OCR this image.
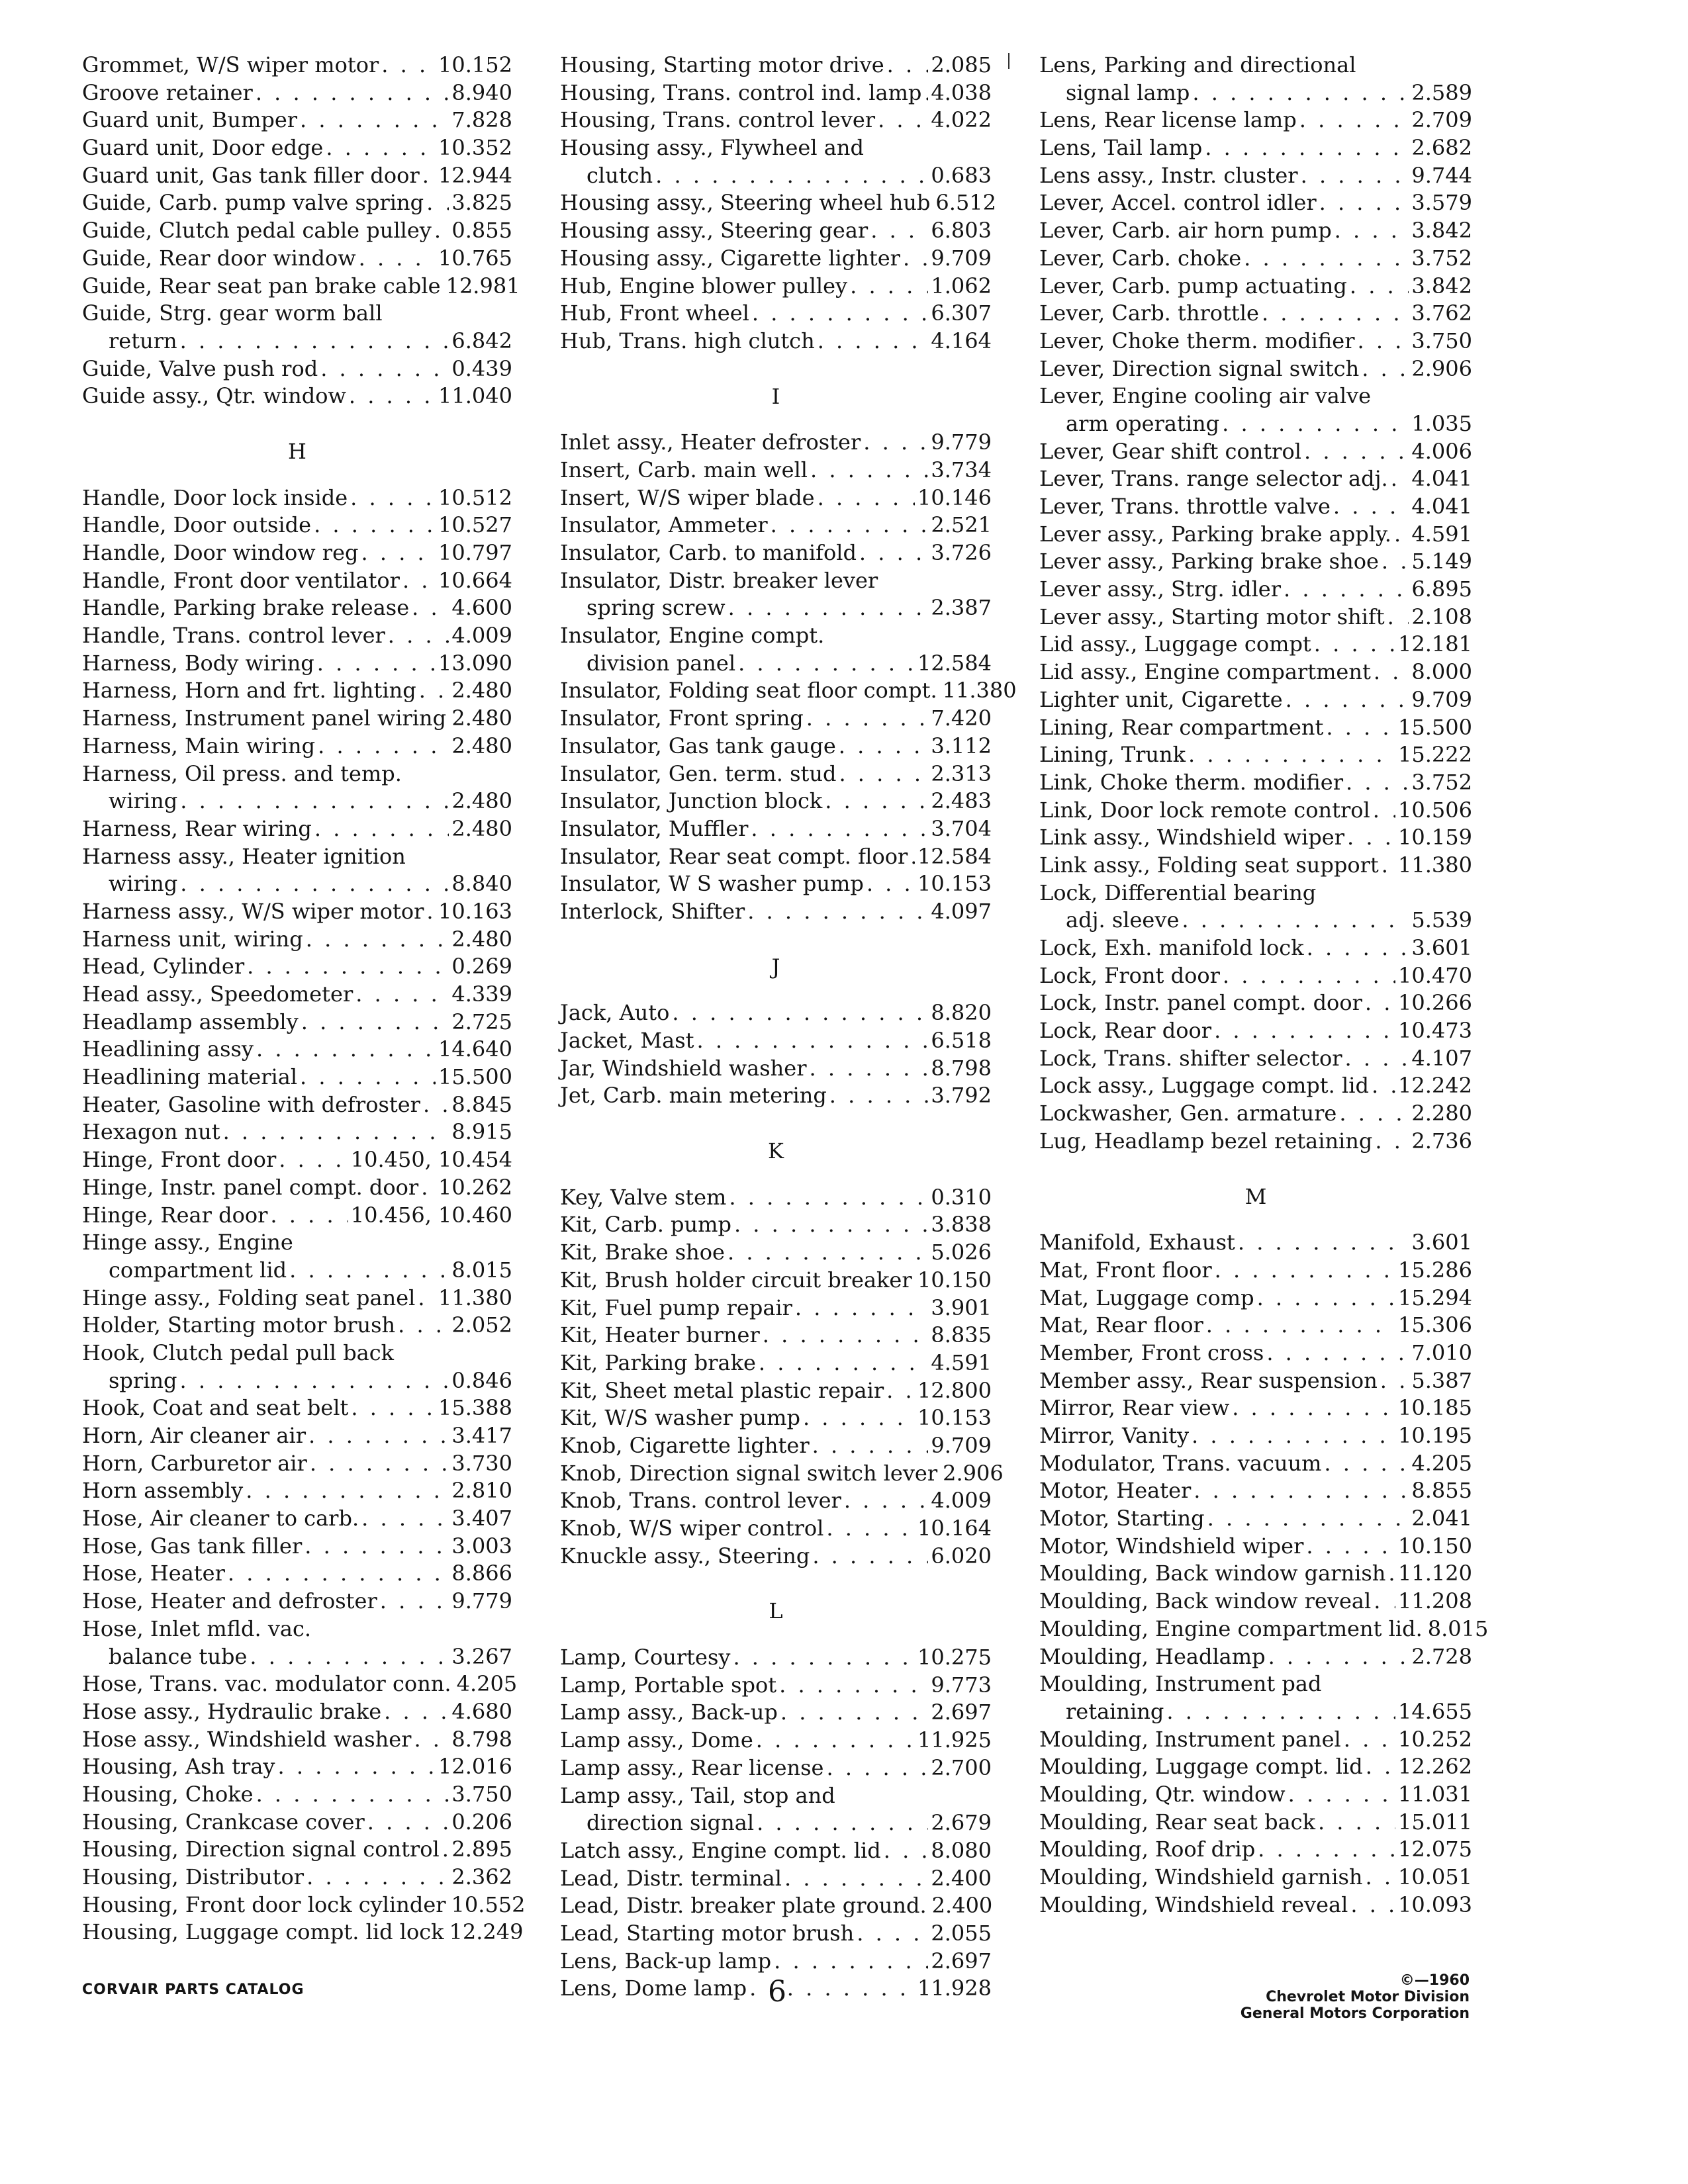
Grommet, W/S wiper motor . . .	10.152
Groove retainer . . .	8.940
Guard unit, Bumper . . .	7.828
Guard unit, Door edge . . .	10.352
Guard unit, Gas tank filler door . . . 12.944
Guide, Carb. pump valve spring . . . 3.825
Guide, Clutch pedal cable pulley . . . 0.855
Guide, Rear door window . . .	10.765
Guide, Rear seat pan brake cable 12.981
Guide, Strg. gear worm ball
return . . .	6.842
Guide, Valve push rod . . .	0.439
Guide assy., Qtr. window . . .	11.040
H
Handle, Door lock inside . . .	10.512
Handle, Door outside . . .	10.527
Handle, Door window reg . . .	10.797
Handle, Front door ventilator . . . 10.664
Handle, Parking brake release . . . 4.600
Handle, Trans. control lever . . .	4.009
Harness, Body wiring . . .	13.090
Harness, Horn and frt. lighting . . . 2.480
Harness, Instrument panel wiring . . . 2.480
Harness, Main wiring . . .	2.480
Harness, Oil press. and temp.
wiring . . .	2.480
Harness, Rear wiring . . .	2.480
Harness assy., Heater ignition
wiring . . .	8.840
Harness assy., W/S wiper motor . . . 10.163
Harness unit, wiring . . .	2.480
Head, Cylinder . . .	0.269
Head assy., Speedometer . . .	4.339
Headlamp assembly . . .	2.725
Headlining assy . . .	14.640
Headlining material . . .	15.500
Heater, Gasoline with defroster . . . 8.845
Hexagon nut . . .	8.915
Hinge, Front door . . .	10.450, 10.454
Hinge, Instr. panel compt. door . . . 10.262
Hinge, Rear door . . .	10.456, 10.460
Hinge assy., Engine
compartment lid . . .	8.015
Hinge assy., Folding seat panel . . . 11.380
Holder, Starting motor brush . . .	2.052
Hook, Clutch pedal pull back
spring . . .	0.846
Hook, Coat and seat belt . . .	15.388
Horn, Air cleaner air . . .	3.417
Horn, Carburetor air . . .	3.730
Horn assembly . . .	2.810
Hose, Air cleaner to carb. . . .	3.407
Hose, Gas tank filler . . .	3.003
Hose, Heater . . .	8.866
Hose, Heater and defroster . . .	9.779
Hose, Inlet mfld. vac.
balance tube . . .	3.267
Hose, Trans. vac. modulator conn. 4.205
Hose assy., Hydraulic brake . . .	4.680
Hose assy., Windshield washer . . . 8.798
Housing, Ash tray . . .	12.016
Housing, Choke . . .	3.750
Housing, Crankcase cover . . .	0.206
Housing, Direction signal control . . . 2.895
Housing, Distributor . . .	2.362
Housing, Front door lock cylinder 10.552
Housing, Luggage compt. lid lock 12.249
Housing, Starting motor drive . . . 2.085
Housing, Trans. control ind. lamp . . . 4.038
Housing, Trans. control lever . . .	4.022
Housing assy., Flywheel and
clutch . . .	0.683
Housing assy., Steering wheel hub 6.512
Housing assy., Steering gear . . .	6.803
Housing assy., Cigarette lighter . . . 9.709
Hub, Engine blower pulley . . .	1.062
Hub, Front wheel . . .	6.307
Hub, Trans. high clutch . . .	4.164
I
Inlet assy., Heater defroster . . .	9.779
Insert, Carb. main well . . .	3.734
Insert, W/S wiper blade . . .	10.146
Insulator, Ammeter . . .	2.521
Insulator, Carb. to manifold . . .	3.726
Insulator, Distr. breaker lever
spring screw . . .	2.387
Insulator, Engine compt.
division panel . . .	12.584
Insulator, Folding seat floor compt. 11.380
Insulator, Front spring . . .	7.420
Insulator, Gas tank gauge . . .	3.112
Insulator, Gen. term. stud . . .	2.313
Insulator, Junction block . . .	2.483
Insulator, Muffler . . .	3.704
Insulator, Rear seat compt. floor . . . 12.584
Insulator, W S washer pump . . .	10.153
Interlock, Shifter . . .	4.097
J
Jack, Auto . . .	8.820
Jacket, Mast . . .	6.518
Jar, Windshield washer . . .	8.798
Jet, Carb. main metering . . .	3.792
K
Key, Valve stem . . .	0.310
Kit, Carb. pump . . .	3.838
Kit, Brake shoe . . .	5.026
Kit, Brush holder circuit breaker . . . 10.150
Kit, Fuel pump repair . . .	3.901
Kit, Heater burner . . .	8.835
Kit, Parking brake . . .	4.591
Kit, Sheet metal plastic repair . . . 12.800
Kit, W/S washer pump . . .	10.153
Knob, Cigarette lighter . . .	9.709
Knob, Direction signal switch lever 2.906
Knob, Trans. control lever . . .	4.009
Knob, W/S wiper control . . .	10.164
Knuckle assy., Steering . . .	6.020
L
Lamp, Courtesy . . .	10.275
Lamp, Portable spot . . .	9.773
Lamp assy., Back-up . . .	2.697
Lamp assy., Dome . . .	11.925
Lamp assy., Rear license . . .	2.700
Lamp assy., Tail, stop and
direction signal . . .	2.679
Latch assy., Engine compt. lid . . . 8.080
Lead, Distr. terminal . . .	2.400
Lead, Distr. breaker plate ground. 2.400
Lead, Starting motor brush . . .	2.055
Lens, Back-up lamp . . .	2.697
Lens, Dome lamp . . .	11.928
Lens, Parking and directional
signal lamp . . .	2.589
Lens, Rear license lamp . . .	2.709
Lens, Tail lamp . . .	2.682
Lens assy., Instr. cluster . . .	9.744
Lever, Accel. control idler . . .	3.579
Lever, Carb. air horn pump . . .	3.842
Lever, Carb. choke . . .	3.752
Lever, Carb. pump actuating . . .	3.842
Lever, Carb. throttle . . .	3.762
Lever, Choke therm. modifier . . .	3.750
Lever, Direction signal switch . . . 2.906
Lever, Engine cooling air valve
arm operating . . .	1.035
Lever, Gear shift control . . .	4.006
Lever, Trans. range selector adj. . . . 4.041
Lever, Trans. throttle valve . . .	4.041
Lever assy., Parking brake apply. . . . 4.591
Lever assy., Parking brake shoe . . . 5.149
Lever assy., Strg. idler . . .	6.895
Lever assy., Starting motor shift . . . 2.108
Lid assy., Luggage compt . . .	12.181
Lid assy., Engine compartment . . . 8.000
Lighter unit, Cigarette . . .	9.709
Lining, Rear compartment . . .	15.500
Lining, Trunk . . .	15.222
Link, Choke therm. modifier . . .	3.752
Link, Door lock remote control . . . 10.506
Link assy., Windshield wiper . . .	10.159
Link assy., Folding seat support . . . 11.380
Lock, Differential bearing
adj. sleeve . . .	5.539
Lock, Exh. manifold lock . . .	3.601
Lock, Front door . . .	10.470
Lock, Instr. panel compt. door . . . 10.266
Lock, Rear door . . .	10.473
Lock, Trans. shifter selector . . .	4.107
Lock assy., Luggage compt. lid . . . 12.242
Lockwasher, Gen. armature . . .	2.280
Lug, Headlamp bezel retaining . . . 2.736
M
Manifold, Exhaust . . .	3.601
Mat, Front floor . . .	15.286
Mat, Luggage comp . . .	15.294
Mat, Rear floor . . .	15.306
Member, Front cross . . .	7.010
Member assy., Rear suspension . . . 5.387
Mirror, Rear view . . .	10.185
Mirror, Vanity . . .	10.195
Modulator, Trans. vacuum . . .	4.205
Motor, Heater . . .	8.855
Motor, Starting . . .	2.041
Motor, Windshield wiper . . .	10.150
Moulding, Back window garnish . . . 11.120
Moulding, Back window reveal . . . 11.208
Moulding, Engine compartment lid. 8.015
Moulding, Headlamp . . .	2.728
Moulding, Instrument pad
retaining . . .	14.655
Moulding, Instrument panel . . .	10.252
Moulding, Luggage compt. lid . . . 12.262
Moulding, Qtr. window . . .	11.031
Moulding, Rear seat back . . .	15.011
Moulding, Roof drip . . .	12.075
Moulding, Windshield garnish . . . 10.051
Moulding, Windshield reveal . . . 10.093
CORVAIR PARTS CATALOG	6	©—1960
Chevrolet Motor Division
General Motors Corporation
